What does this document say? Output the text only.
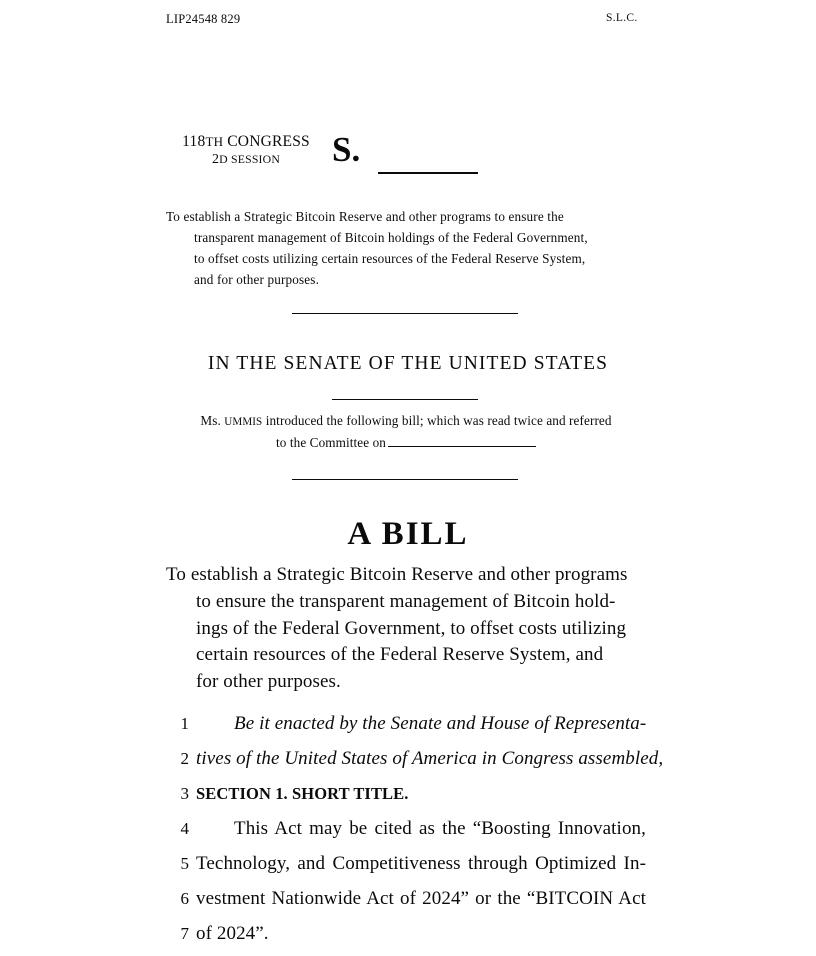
LIP24548 829	S.L.C.
118TH CONGRESS
2D SESSION	S.
To establish a Strategic Bitcoin Reserve and other programs to ensure the
transparent management of Bitcoin holdings of the Federal Government,
to offset costs utilizing certain resources of the Federal Reserve System,
and for other purposes.
IN THE SENATE OF THE UNITED STATES
Ms. UMMIS introduced the following bill; which was read twice and referred
to the Committee on
A BILL
To establish a Strategic Bitcoin Reserve and other programs
to ensure the transparent management of Bitcoin hold-
ings of the Federal Government, to offset costs utilizing
certain resources of the Federal Reserve System, and
for other purposes.
1 Be it enacted by the Senate and House of Representa-
2 tives of the United States of America in Congress assembled,
3 SECTION 1. SHORT TITLE.
4 This Act may be cited as the “Boosting Innovation,
5 Technology, and Competitiveness through Optimized In-
6 vestment Nationwide Act of 2024” or the “BITCOIN Act
7 of 2024”.
